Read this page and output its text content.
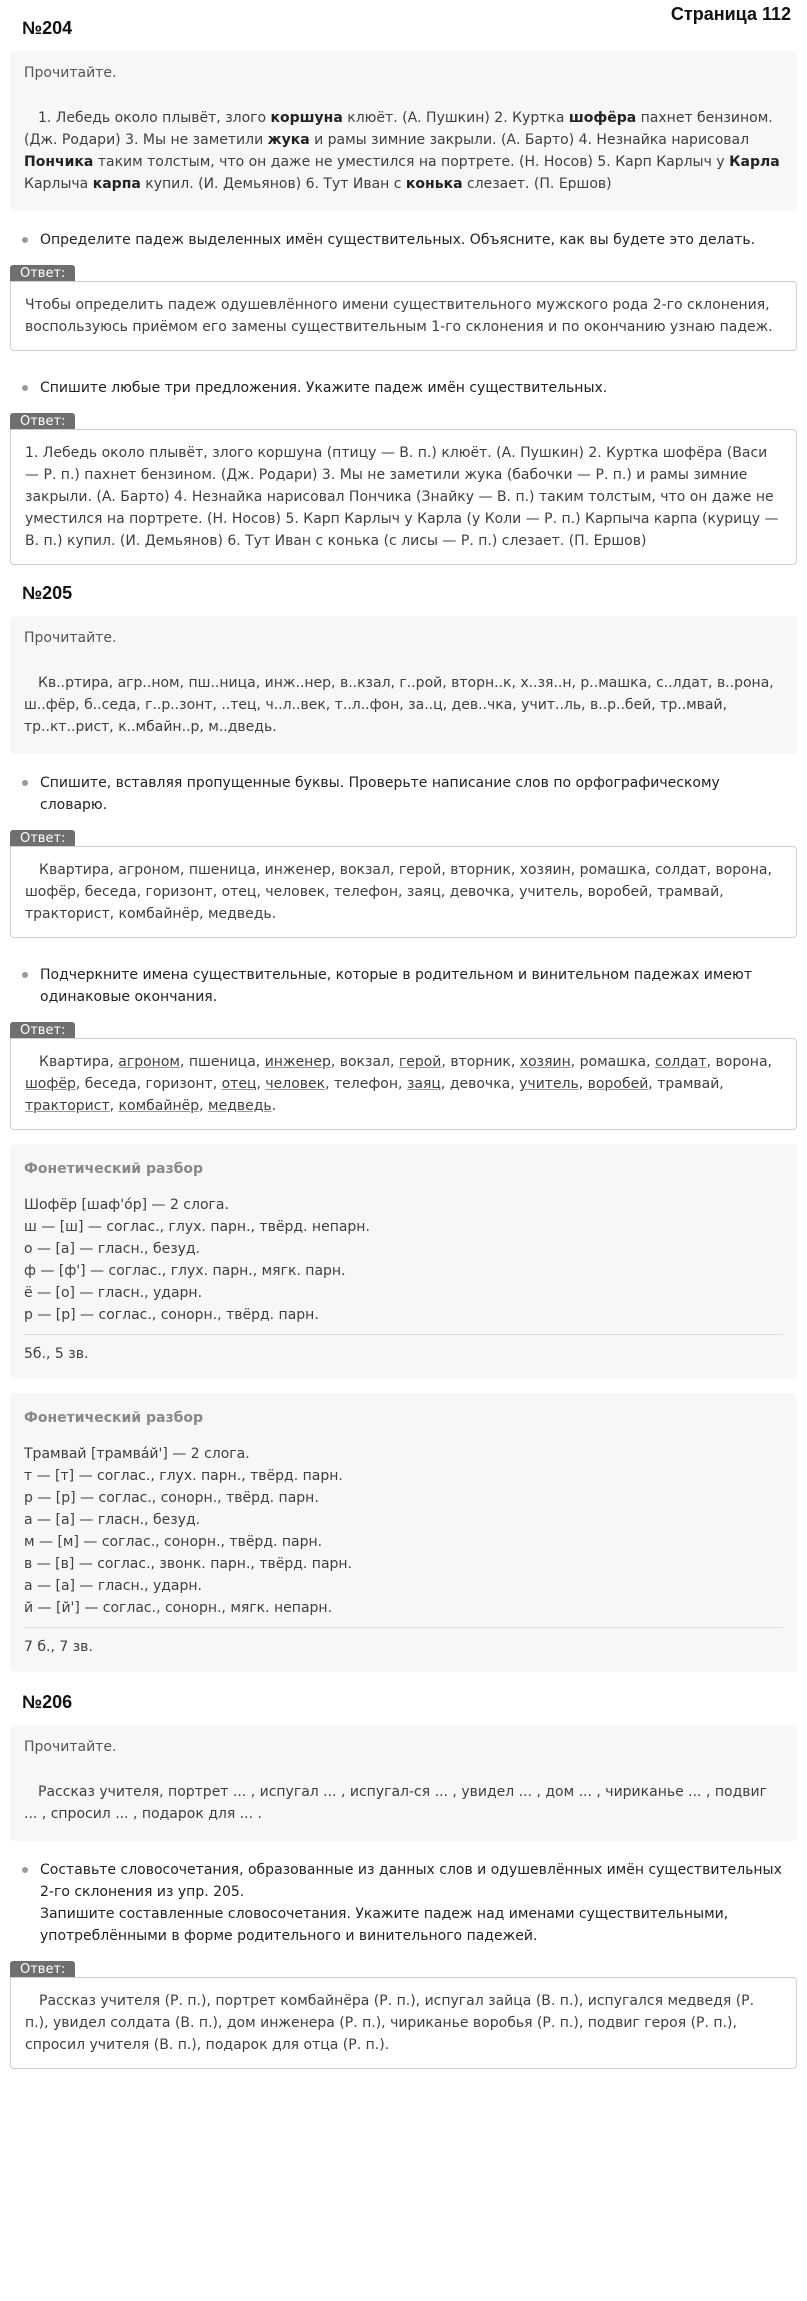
Страница 112
№204

Прочитайте.

1. Лебедь около плывёт, злого коршуна клюёт. (А. Пушкин) 2. Куртка шофёра пахнет бензином. (Дж. Родари) 3. Мы не заметили жука и рамы зимние закрыли. (А. Барто) 4. Незнайка нарисовал Пончика таким толстым, что он даже не уместился на портрете. (Н. Носов) 5. Карп Карлыч у Карла Карлыча карпа купил. (И. Демьянов) 6. Тут Иван с конька слезает. (П. Ершов)

Определите падеж выделенных имён существительных. Объясните, как вы будете это делать.
Ответ:
Чтобы определить падеж одушевлённого имени существительного мужского рода 2-го склонения, воспользуюсь приёмом его замены существительным 1-го склонения и по окончанию узнаю падеж.
Спишите любые три предложения. Укажите падеж имён существительных.
Ответ:
1. Лебедь около плывёт, злого коршуна (птицу — В. п.) клюёт. (А. Пушкин) 2. Куртка шофёра (Васи — Р. п.) пахнет бензином. (Дж. Родари) 3. Мы не заметили жука (бабочки — Р. п.) и рамы зимние закрыли. (А. Барто) 4. Незнайка нарисовал Пончика (Знайку — В. п.) таким толстым, что он даже не уместился на портрете. (Н. Носов) 5. Карп Карлыч у Карла (у Коли — Р. п.) Карпыча карпа (курицу — В. п.) купил. (И. Демьянов) 6. Тут Иван с конька (с лисы — Р. п.) слезает. (П. Ершов)
№205

Прочитайте.

Кв..ртира, агр..ном, пш..ница, инж..нер, в..кзал, г..рой, вторн..к, х..зя..н, р..машка, с..лдат, в..рона, ш..фёр, б..седа, г..р..зонт, ..тец, ч..л..век, т..л..фон, за..ц, дев..чка, учит..ль, в..р..бей, тр..мвай, тр..кт..рист, к..мбайн..р, м..дведь.

Спишите, вставляя пропущенные буквы. Проверьте написание слов по орфографическому словарю.
Ответ:
Квартира, агроном, пшеница, инженер, вокзал, герой, вторник, хозяин, ромашка, солдат, ворона, шофёр, беседа, горизонт, отец, человек, телефон, заяц, девочка, учитель, воробей, трамвай, тракторист, комбайнёр, медведь.
Подчеркните имена существительные, которые в родительном и винительном падежах имеют одинаковые окончания.
Ответ:
Квартира, агроном, пшеница, инженер, вокзал, герой, вторник, хозяин, ромашка, солдат, ворона, шофёр, беседа, горизонт, отец, человек, телефон, заяц, девочка, учитель, воробей, трамвай, тракторист, комбайнёр, медведь.
Фонетический разбор
Шофёр [шаф'о́р] — 2 слога.
ш — [ш] — соглас., глух. парн., твёрд. непарн.
о — [а] — гласн., безуд.
ф — [ф'] — соглас., глух. парн., мягк. парн.
ё — [о] — гласн., ударн.
р — [р] — соглас., сонорн., твёрд. парн.
5б., 5 зв.
Фонетический разбор
Трамвай [трамва́й'] — 2 слога.
т — [т] — соглас., глух. парн., твёрд. парн.
р — [р] — соглас., сонорн., твёрд. парн.
а — [а] — гласн., безуд.
м — [м] — соглас., сонорн., твёрд. парн.
в — [в] — соглас., звонк. парн., твёрд. парн.
а — [а] — гласн., ударн.
й — [й'] — соглас., сонорн., мягк. непарн.
7 б., 7 зв.
№206

Прочитайте.

Рассказ учителя, портрет ... , испугал ... , испугал-ся ... , увидел ... , дом ... , чириканье ... , подвиг ... , спросил ... , подарок для ... .

Составьте словосочетания, образованные из данных слов и одушевлённых имён существительных 2-го склонения из упр. 205.
Запишите составленные словосочетания. Укажите падеж над именами существительными, употреблёнными в форме родительного и винительного падежей.
Ответ:
Рассказ учителя (Р. п.), портрет комбайнёра (Р. п.), испугал зайца (В. п.), испугался медведя (Р. п.), увидел солдата (В. п.), дом инженера (Р. п.), чириканье воробья (Р. п.), подвиг героя (Р. п.), спросил учителя (В. п.), подарок для отца (Р. п.).
